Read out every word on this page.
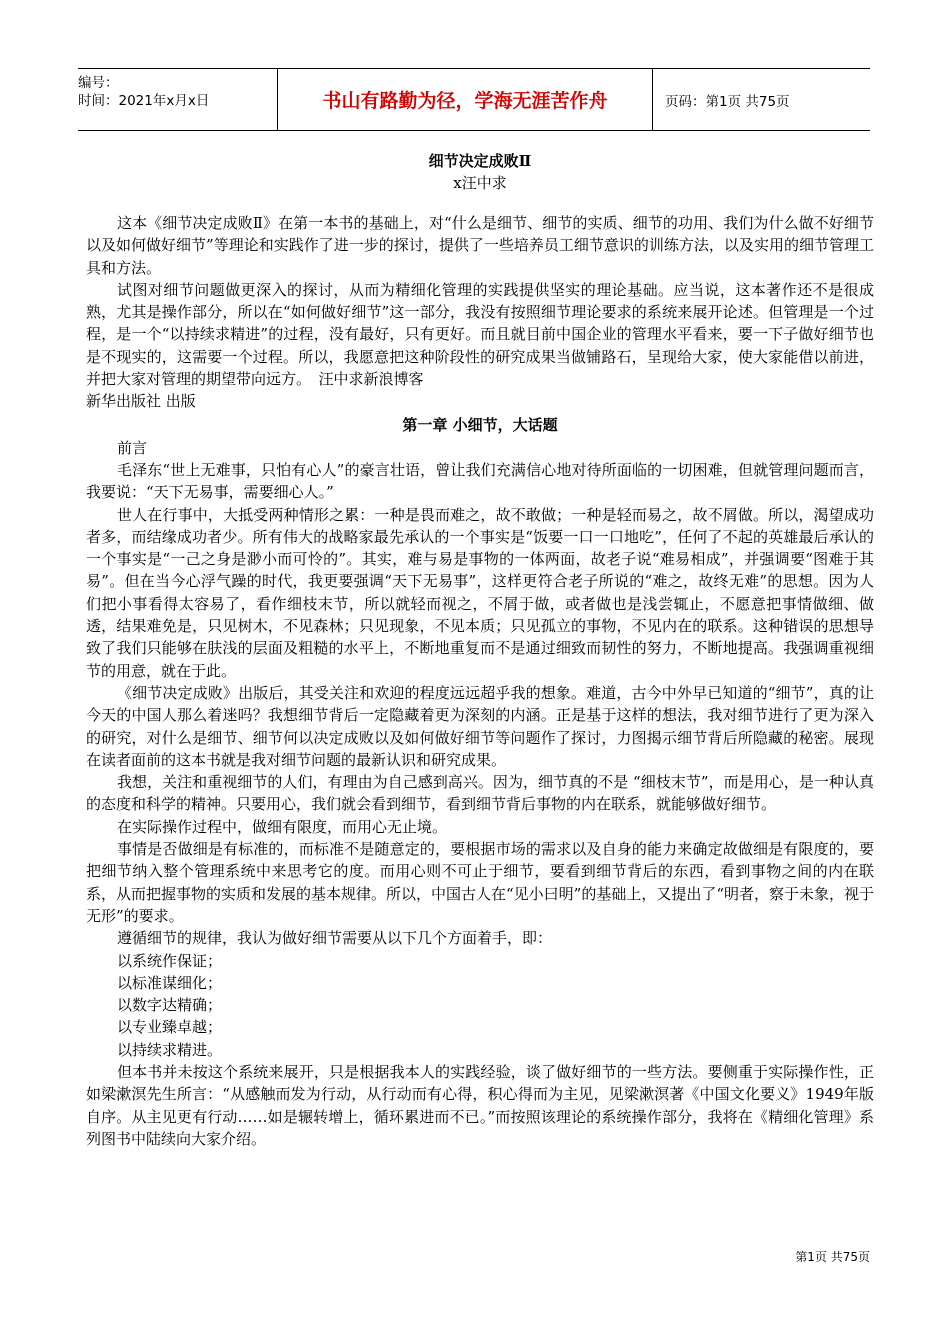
编号：
时间：2021年x月x日	书山有路勤为径，学海无涯苦作舟	页码：第1页 共75页
细节决定成败Ⅱ
x汪中求

这本《细节决定成败Ⅱ》在第一本书的基础上，对“什么是细节、细节的实质、细节的功用、我们为什么做不好细节以及如何做好细节”等理论和实践作了进一步的探讨，提供了一些培养员工细节意识的训练方法，以及实用的细节管理工具和方法。

试图对细节问题做更深入的探讨，从而为精细化管理的实践提供坚实的理论基础。应当说，这本著作还不是很成熟，尤其是操作部分，所以在“如何做好细节”这一部分，我没有按照细节理论要求的系统来展开论述。但管理是一个过程，是一个“以持续求精进”的过程，没有最好，只有更好。而且就目前中国企业的管理水平看来，要一下子做好细节也是不现实的，这需要一个过程。所以，我愿意把这种阶段性的研究成果当做铺路石，呈现给大家，使大家能借以前进，并把大家对管理的期望带向远方。　汪中求新浪博客

新华出版社 出版

第一章 小细节，大话题

前言

毛泽东“世上无难事，只怕有心人”的豪言壮语，曾让我们充满信心地对待所面临的一切困难，但就管理问题而言，我要说：“天下无易事，需要细心人。”

世人在行事中，大抵受两种情形之累：一种是畏而难之，故不敢做；一种是轻而易之，故不屑做。所以，渴望成功者多，而结缘成功者少。所有伟大的战略家最先承认的一个事实是“饭要一口一口地吃”，任何了不起的英雄最后承认的一个事实是“一己之身是渺小而可怜的”。其实，难与易是事物的一体两面，故老子说“难易相成”，并强调要“图难于其易”。但在当今心浮气躁的时代，我更要强调“天下无易事”，这样更符合老子所说的“难之，故终无难”的思想。因为人们把小事看得太容易了，看作细枝末节，所以就轻而视之，不屑于做，或者做也是浅尝辄止，不愿意把事情做细、做透，结果难免是，只见树木，不见森林；只见现象，不见本质；只见孤立的事物，不见内在的联系。这种错误的思想导致了我们只能够在肤浅的层面及粗糙的水平上，不断地重复而不是通过细致而韧性的努力，不断地提高。我强调重视细节的用意，就在于此。

《细节决定成败》出版后，其受关注和欢迎的程度远远超乎我的想象。难道，古今中外早已知道的“细节”，真的让今天的中国人那么着迷吗？我想细节背后一定隐藏着更为深刻的内涵。正是基于这样的想法，我对细节进行了更为深入的研究，对什么是细节、细节何以决定成败以及如何做好细节等问题作了探讨，力图揭示细节背后所隐藏的秘密。展现在读者面前的这本书就是我对细节问题的最新认识和研究成果。

我想，关注和重视细节的人们，有理由为自己感到高兴。因为，细节真的不是 “细枝末节”，而是用心，是一种认真的态度和科学的精神。只要用心，我们就会看到细节，看到细节背后事物的内在联系，就能够做好细节。

在实际操作过程中，做细有限度，而用心无止境。

事情是否做细是有标准的，而标准不是随意定的，要根据市场的需求以及自身的能力来确定故做细是有限度的，要把细节纳入整个管理系统中来思考它的度。而用心则不可止于细节，要看到细节背后的东西，看到事物之间的内在联系，从而把握事物的实质和发展的基本规律。所以，中国古人在“见小曰明”的基础上，又提出了“明者，察于未象，视于无形”的要求。

遵循细节的规律，我认为做好细节需要从以下几个方面着手，即：

以系统作保证；

以标准谋细化；

以数字达精确；

以专业臻卓越；

以持续求精进。

但本书并未按这个系统来展开，只是根据我本人的实践经验，谈了做好细节的一些方法。要侧重于实际操作性，正如梁漱溟先生所言：“从感触而发为行动，从行动而有心得，积心得而为主见，见梁漱溟著《中国文化要义》1949年版自序。从主见更有行动……如是辗转增上，循环累进而不已。”而按照该理论的系统操作部分，我将在《精细化管理》系列图书中陆续向大家介绍。

第1页 共75页
